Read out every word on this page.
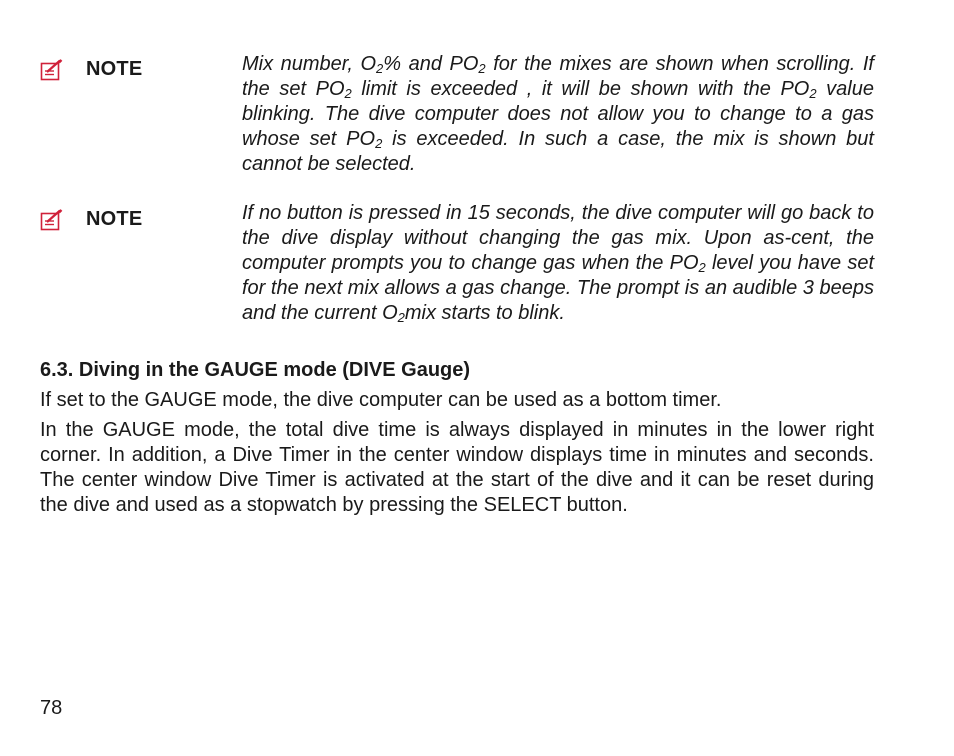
NOTE	Mix number, $O_2\%$ and $PO_2$ for the mixes are shown when scrolling. If the set $PO_2$ limit is exceeded , it will be shown with the $PO_2$ value blinking. The dive computer does not allow you to change to a gas whose set $PO_2$ is exceeded. In such a case, the mix is shown but cannot be selected.

NOTE	If no button is pressed in 15 seconds, the dive computer will go back to the dive display without changing the gas mix. Upon as-cent, the computer prompts you to change gas when the $PO_2$ level you have set for the next mix allows a gas change. The prompt is an audible 3 beeps and the current $O_2mix$ starts to blink.

6.3. Diving in the GAUGE mode (DIVE Gauge)

If set to the GAUGE mode, the dive computer can be used as a bottom timer.

In the GAUGE mode, the total dive time is always displayed in minutes in the lower right corner. In addition, a Dive Timer in the center window displays time in minutes and seconds. The center window Dive Timer is activated at the start of the dive and it can be reset during the dive and used as a stopwatch by pressing the SELECT button.

78
